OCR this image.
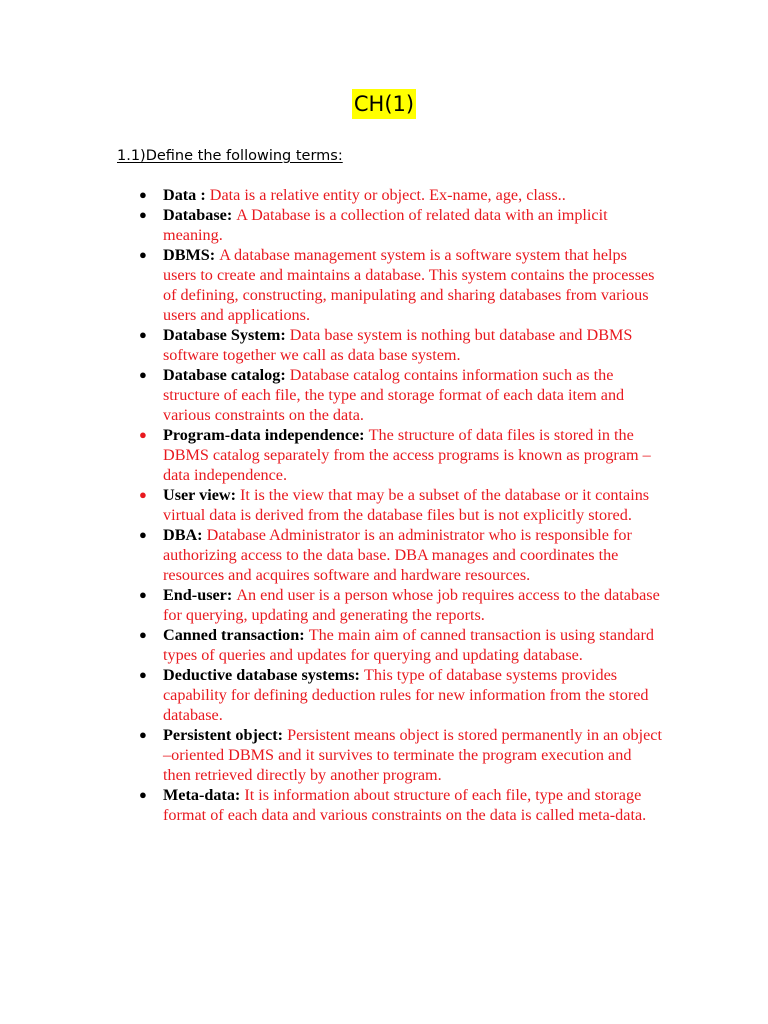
CH(1)
1.1)Define the following terms:
● Data : Data is a relative entity or object. Ex-name, age, class..
● Database: A Database is a collection of related data with an implicit meaning.
● DBMS: A database management system is a software system that helps users to create and maintains a database. This system contains the processes of defining, constructing, manipulating and sharing databases from various users and applications.
● Database System: Data base system is nothing but database and DBMS software together we call as data base system.
● Database catalog: Database catalog contains information such as the structure of each file, the type and storage format of each data item and various constraints on the data.
● Program-data independence: The structure of data files is stored in the DBMS catalog separately from the access programs is known as program – data independence.
● User view: It is the view that may be a subset of the database or it contains virtual data is derived from the database files but is not explicitly stored.
● DBA: Database Administrator is an administrator who is responsible for authorizing access to the data base. DBA manages and coordinates the resources and acquires software and hardware resources.
● End-user: An end user is a person whose job requires access to the database for querying, updating and generating the reports.
● Canned transaction: The main aim of canned transaction is using standard types of queries and updates for querying and updating database.
● Deductive database systems: This type of database systems provides capability for defining deduction rules for new information from the stored database.
● Persistent object: Persistent means object is stored permanently in an object –oriented DBMS and it survives to terminate the program execution and then retrieved directly by another program.
● Meta-data: It is information about structure of each file, type and storage format of each data and various constraints on the data is called meta-data.
